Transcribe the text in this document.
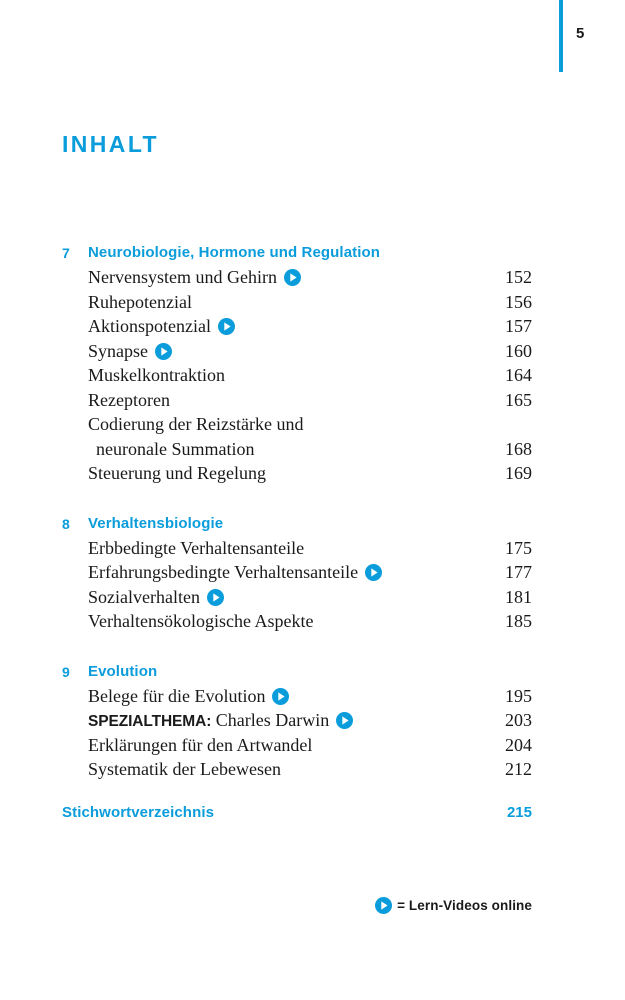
5
INHALT
7 Neurobiologie, Hormone und Regulation
Nervensystem und Gehirn	152
Ruhepotenzial	156
Aktionspotenzial	157
Synapse	160
Muskelkontraktion	164
Rezeptoren	165
Codierung der Reizstärke und
neuronale Summation	168
Steuerung und Regelung	169
8 Verhaltensbiologie
Erbbedingte Verhaltensanteile	175
Erfahrungsbedingte Verhaltensanteile	177
Sozialverhalten	181
Verhaltensökologische Aspekte	185
9 Evolution
Belege für die Evolution	195
SPEZIALTHEMA: Charles Darwin	203
Erklärungen für den Artwandel	204
Systematik der Lebewesen	212
Stichwortverzeichnis	215
= Lern-Videos online
